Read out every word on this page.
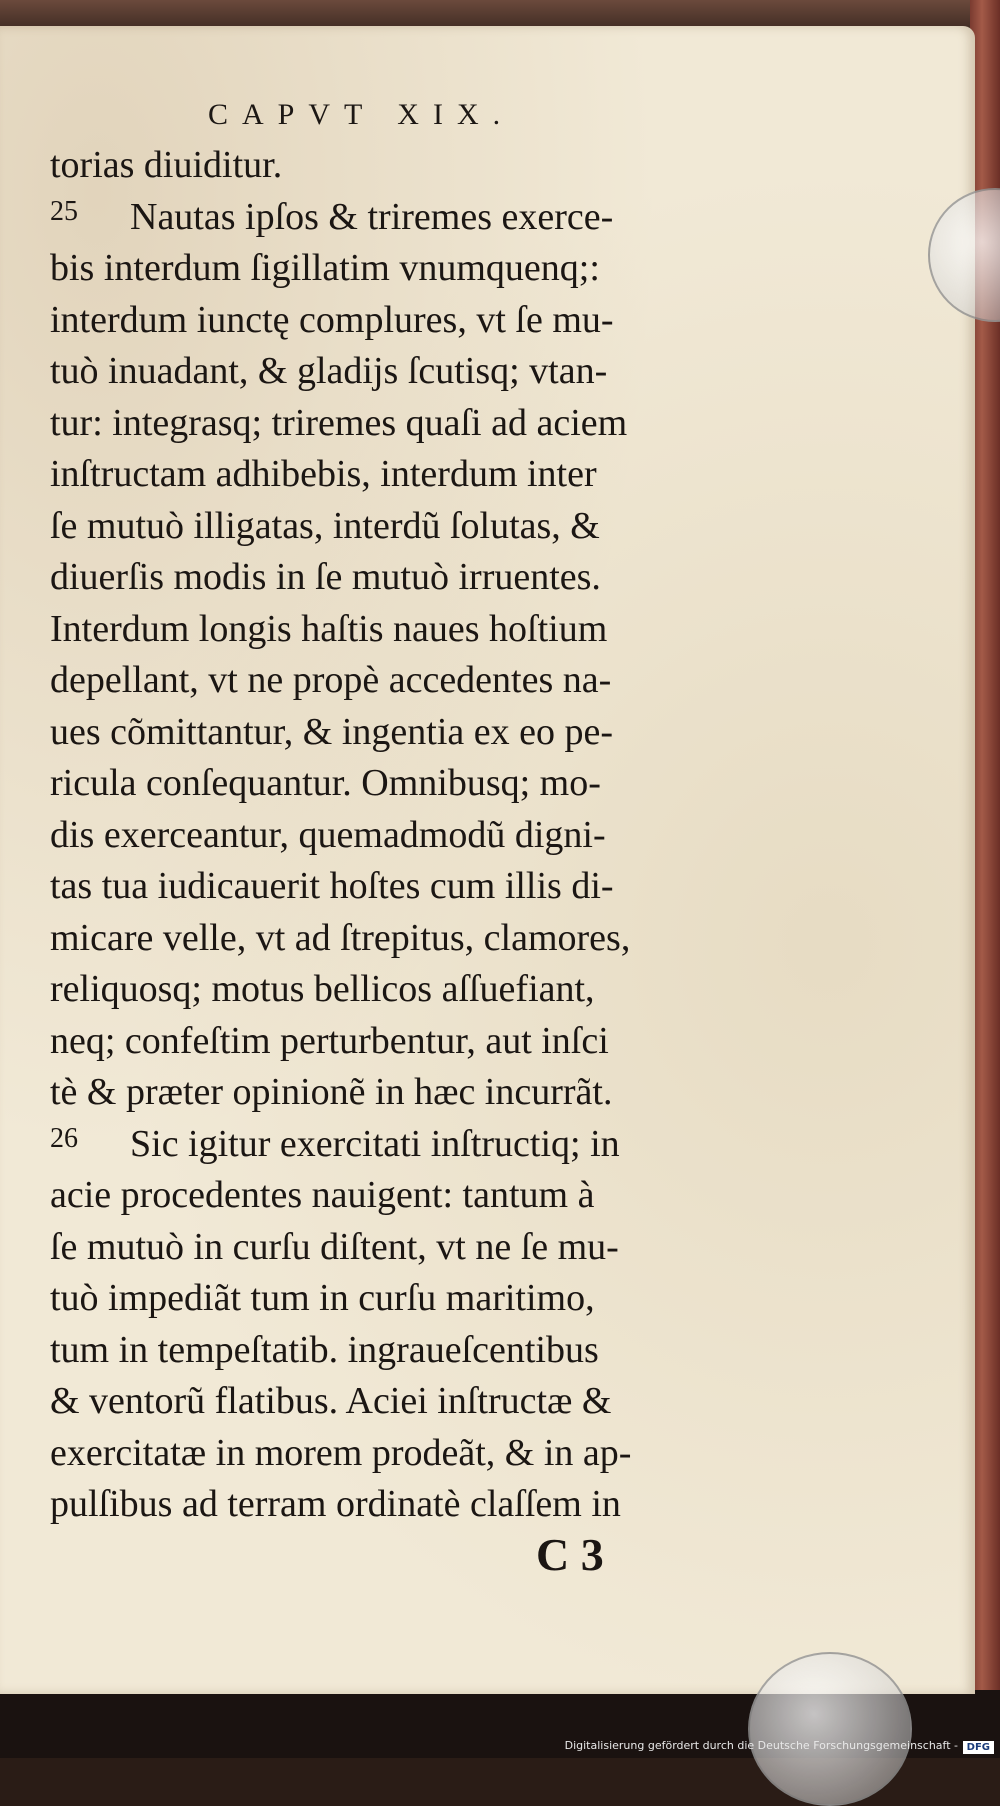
CAPVT XIX.
torias diuiditur.
25 Nautas ipſos & triremes exerce-
bis interdum ſigillatim vnumquenq;:
interdum iunctę complures, vt ſe mu-
tuò inuadant, & gladijs ſcutisq; vtan-
tur: integrasq; triremes quaſi ad aciem
inſtructam adhibebis, interdum inter
ſe mutuò illigatas, interdũ ſolutas, &
diuerſis modis in ſe mutuò irruentes.
Interdum longis haſtis naues hoſtium
depellant, vt ne propè accedentes na-
ues cõmittantur, & ingentia ex eo pe-
ricula conſequantur. Omnibusq; mo-
dis exerceantur, quemadmodũ digni-
tas tua iudicauerit hoſtes cum illis di-
micare velle, vt ad ſtrepitus, clamores,
reliquosq; motus bellicos aſſuefiant,
neq; confeſtim perturbentur, aut inſci
tè & præter opinionẽ in hæc incurrãt.
26 Sic igitur exercitati inſtructiq; in
acie procedentes nauigent: tantum à
ſe mutuò in curſu diſtent, vt ne ſe mu-
tuò impediãt tum in curſu maritimo,
tum in tempeſtatib. ingraueſcentibus
& ventorũ flatibus. Aciei inſtructæ &
exercitatæ in morem prodeãt, & in ap-
pulſibus ad terram ordinatè claſſem in
C 3
Digitalisierung gefördert durch die Deutsche Forschungsgemeinschaft - DFG
